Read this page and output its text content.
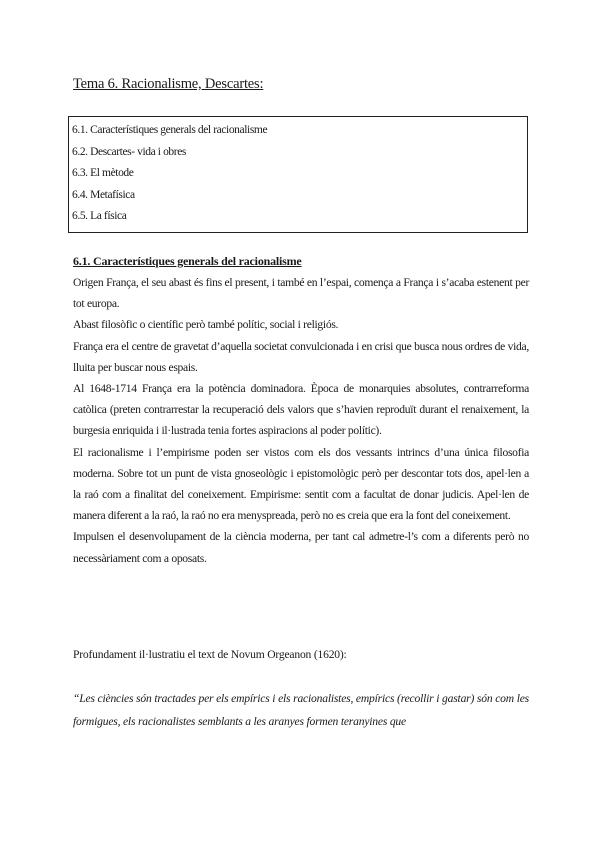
Tema 6. Racionalisme, Descartes:
6.1. Característiques generals del racionalisme
6.2. Descartes- vida i obres
6.3. El mètode
6.4. Metafísica
6.5. La física
6.1. Característiques generals del racionalisme

Origen França, el seu abast és fins el present, i també en l’espai, comença a França i s’acaba estenent per tot europa.

Abast filosòfic o científic però també polític, social i religiós.

França era el centre de gravetat d’aquella societat convulcionada i en crisi que busca nous ordres de vida, lluita per buscar nous espais.

Al 1648-1714 França era la potència dominadora. Època de monarquies absolutes, contrarreforma catòlica (preten contrarrestar la recuperació dels valors que s’havien reproduït durant el renaixement, la burgesia enriquida i il·lustrada tenia fortes aspiracions al poder polític).

El racionalisme i l’empirisme poden ser vistos com els dos vessants intrincs d’una única filosofia moderna. Sobre tot un punt de vista gnoseològic i epistomològic però per descontar tots dos, apel·len a la raó com a finalitat del coneixement. Empirisme: sentit com a facultat de donar judicis. Apel·len de manera diferent a la raó, la raó no era menyspreada, però no es creia que era la font del coneixement.

Impulsen el desenvolupament de la ciència moderna, per tant cal admetre-l’s com a diferents però no necessàriament com a oposats.

Profundament il·lustratiu el text de Novum Orgeanon (1620):

“Les ciències són tractades per els empírics i els racionalistes, empírics (recollir i gastar) són com les formigues, els racionalistes semblants a les aranyes formen teranyines que
